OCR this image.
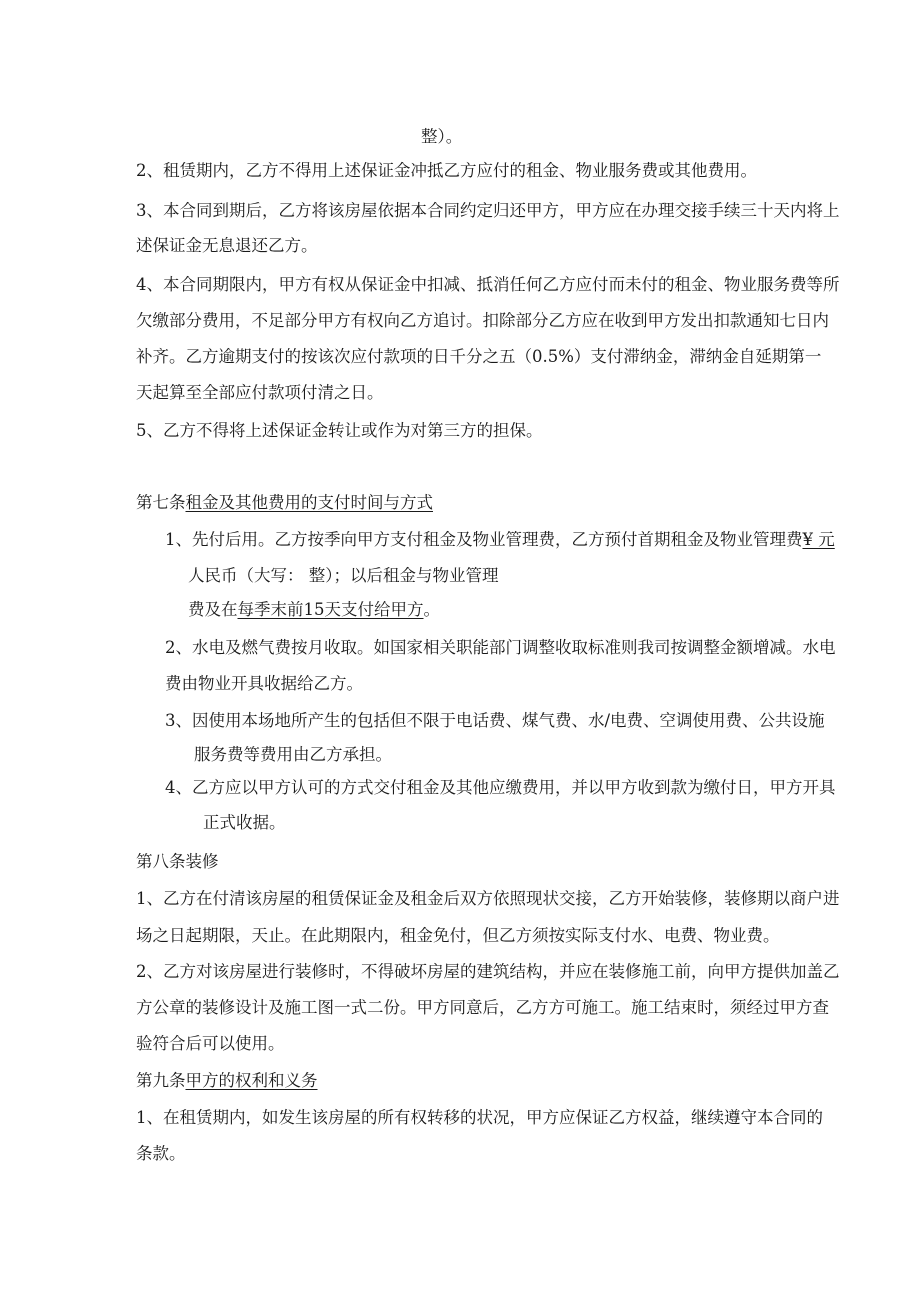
整）。
2、租赁期内，乙方不得用上述保证金冲抵乙方应付的租金、物业服务费或其他费用。
3、本合同到期后，乙方将该房屋依据本合同约定归还甲方，甲方应在办理交接手续三十天内将上
述保证金无息退还乙方。
4、本合同期限内，甲方有权从保证金中扣减、抵消任何乙方应付而未付的租金、物业服务费等所
欠缴部分费用，不足部分甲方有权向乙方追讨。扣除部分乙方应在收到甲方发出扣款通知七日内
补齐。乙方逾期支付的按该次应付款项的日千分之五（0.5%）支付滞纳金，滞纳金自延期第一
天起算至全部应付款项付清之日。
5、乙方不得将上述保证金转让或作为对第三方的担保。
第七条租金及其他费用的支付时间与方式
1、先付后用。乙方按季向甲方支付租金及物业管理费，乙方预付首期租金及物业管理费¥ 元
人民币（大写： 整）；以后租金与物业管理
费及在每季末前15天支付给甲方。
2、水电及燃气费按月收取。如国家相关职能部门调整收取标准则我司按调整金额增减。水电
费由物业开具收据给乙方。
3、因使用本场地所产生的包括但不限于电话费、煤气费、水/电费、空调使用费、公共设施
服务费等费用由乙方承担。
4、乙方应以甲方认可的方式交付租金及其他应缴费用，并以甲方收到款为缴付日，甲方开具
正式收据。
第八条装修
1、乙方在付清该房屋的租赁保证金及租金后双方依照现状交接，乙方开始装修，装修期以商户进
场之日起期限，天止。在此期限内，租金免付，但乙方须按实际支付水、电费、物业费。
2、乙方对该房屋进行装修时，不得破坏房屋的建筑结构，并应在装修施工前，向甲方提供加盖乙
方公章的装修设计及施工图一式二份。甲方同意后，乙方方可施工。施工结束时，须经过甲方查
验符合后可以使用。
第九条甲方的权利和义务
1、在租赁期内，如发生该房屋的所有权转移的状况，甲方应保证乙方权益，继续遵守本合同的
条款。
